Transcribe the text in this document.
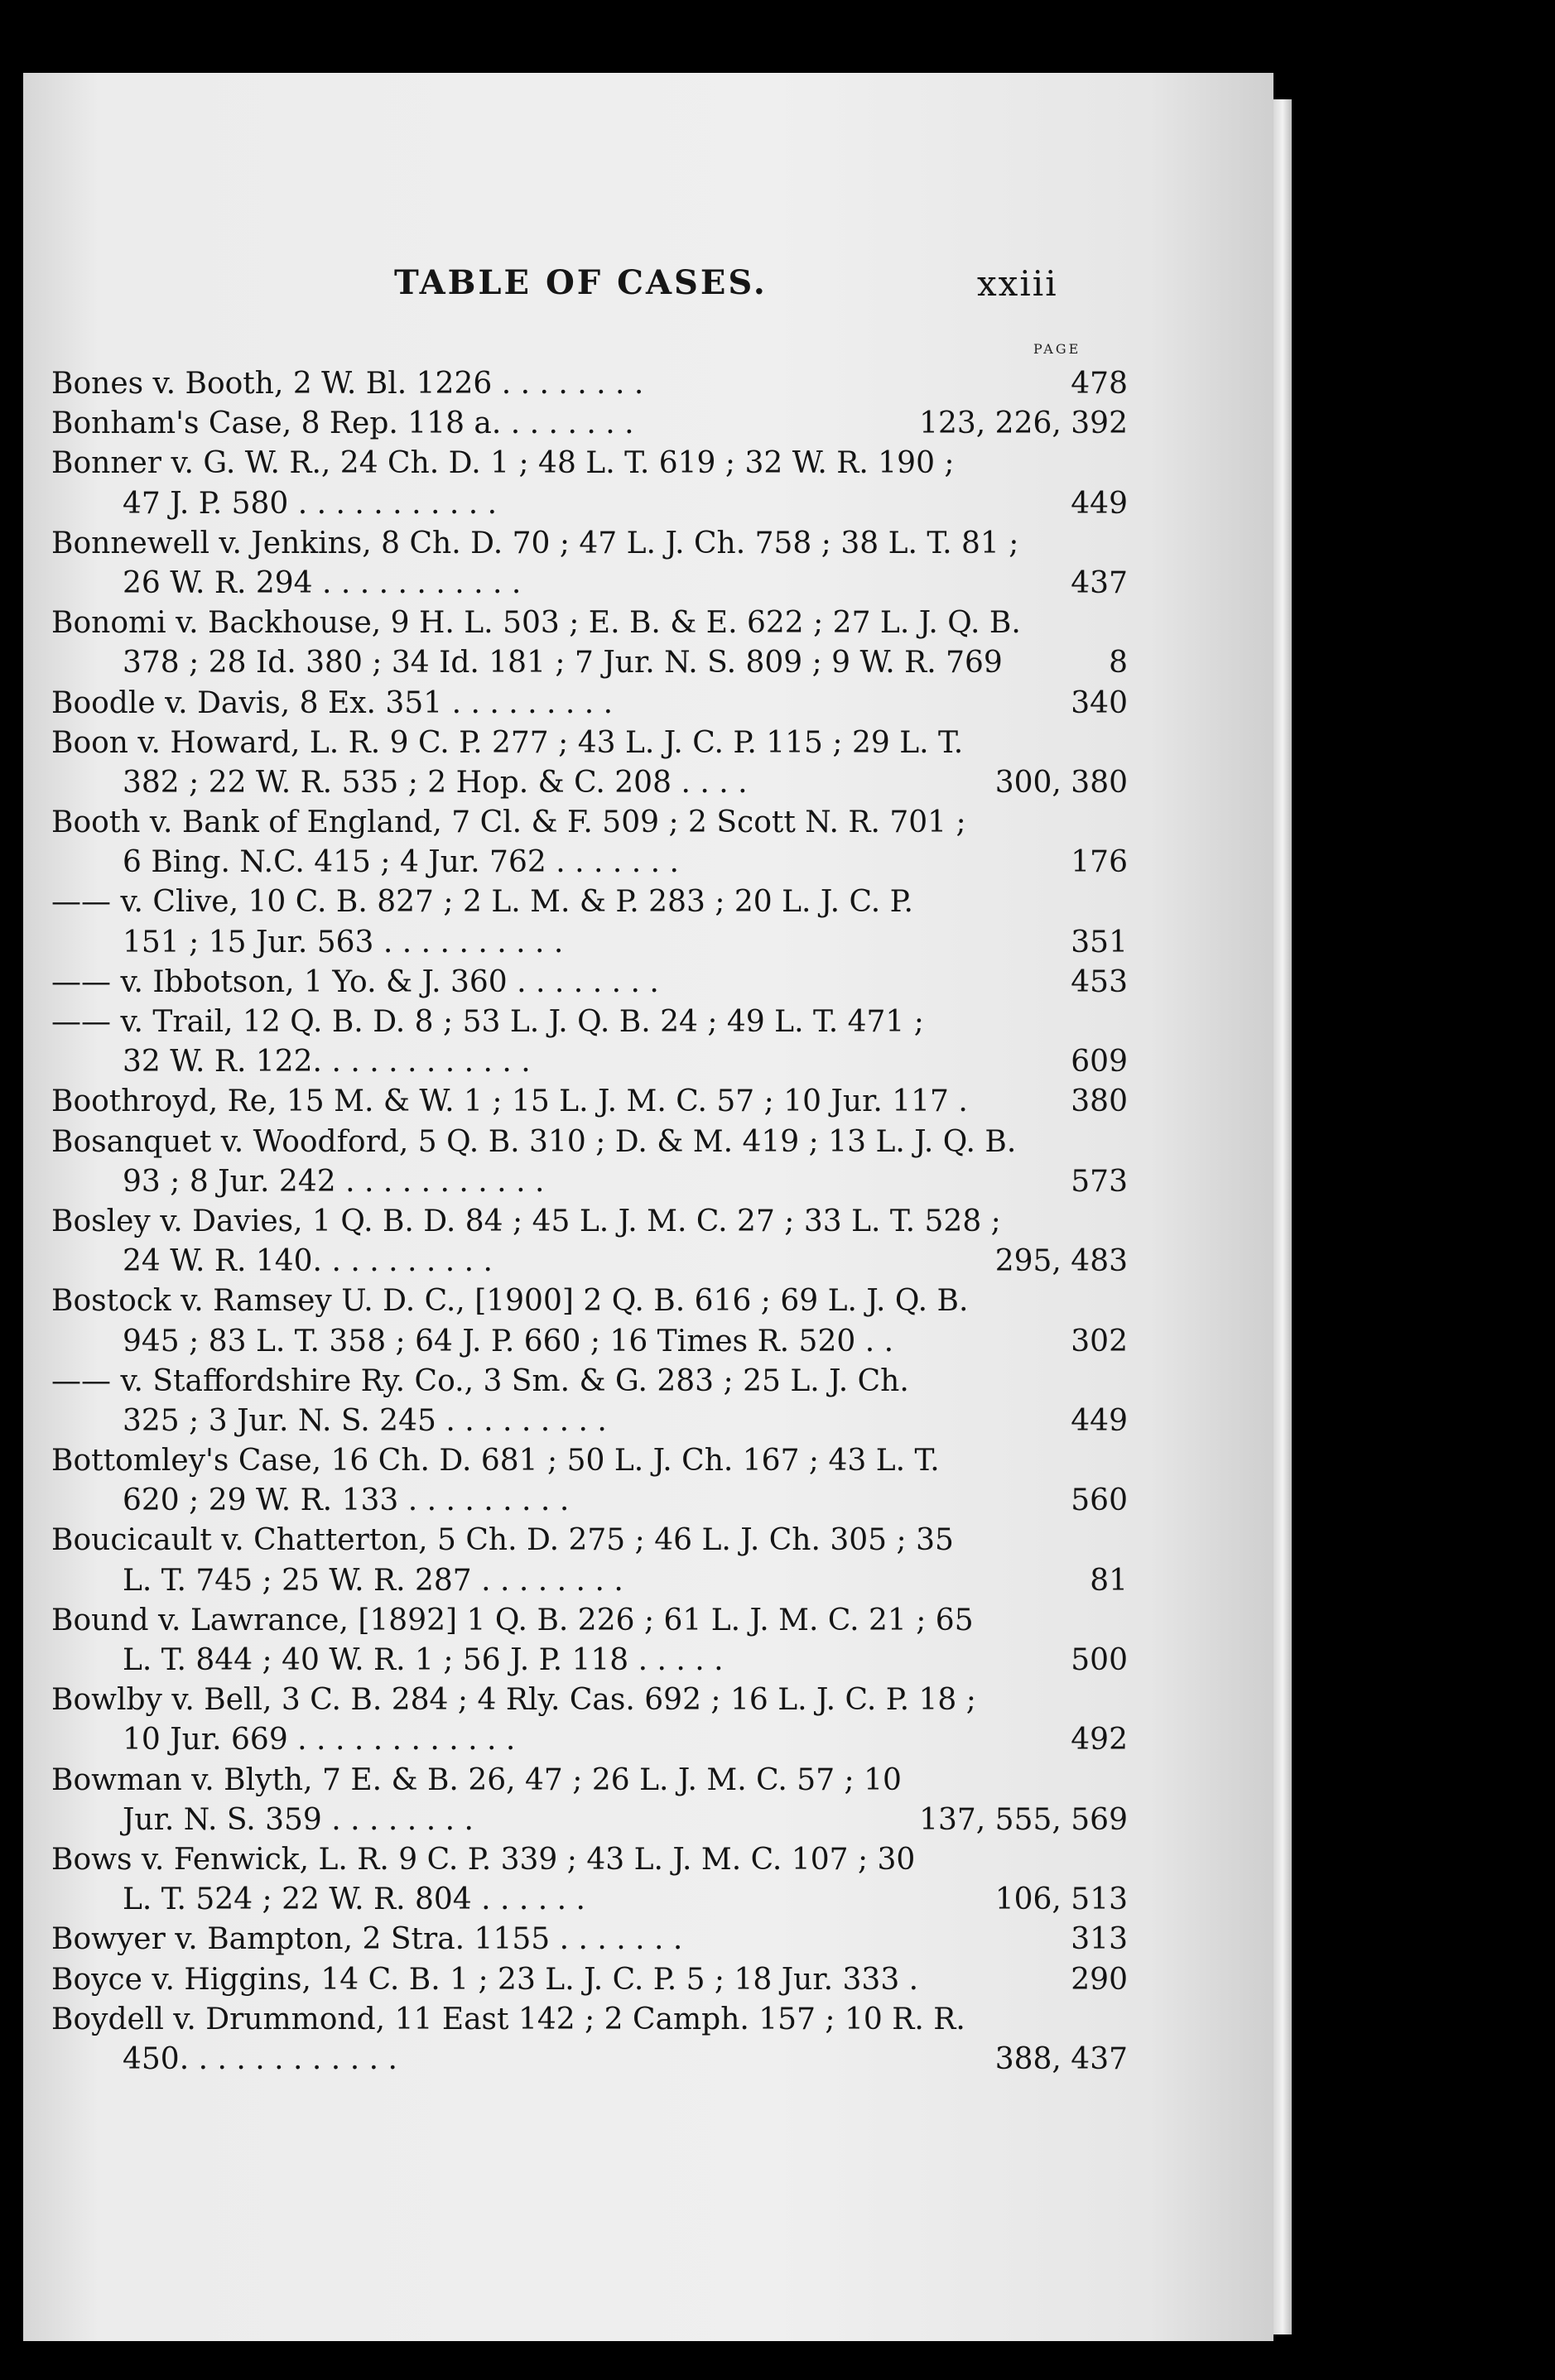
TABLE OF CASES.	xxiii
PAGE
Bones v. Booth, 2 W. Bl. 1226 . . . . . . . .	478
Bonham's Case, 8 Rep. 118 a. . . . . . . .	123, 226, 392
Bonner v. G. W. R., 24 Ch. D. 1 ; 48 L. T. 619 ; 32 W. R. 190 ;
47 J. P. 580 . . . . . . . . . . .	449
Bonnewell v. Jenkins, 8 Ch. D. 70 ; 47 L. J. Ch. 758 ; 38 L. T. 81 ;
26 W. R. 294 . . . . . . . . . . .	437
Bonomi v. Backhouse, 9 H. L. 503 ; E. B. & E. 622 ; 27 L. J. Q. B.
378 ; 28 Id. 380 ; 34 Id. 181 ; 7 Jur. N. S. 809 ; 9 W. R. 769	8
Boodle v. Davis, 8 Ex. 351 . . . . . . . . .	340
Boon v. Howard, L. R. 9 C. P. 277 ; 43 L. J. C. P. 115 ; 29 L. T.
382 ; 22 W. R. 535 ; 2 Hop. & C. 208 . . . .	300, 380
Booth v. Bank of England, 7 Cl. & F. 509 ; 2 Scott N. R. 701 ;
6 Bing. N.C. 415 ; 4 Jur. 762 . . . . . . .	176
—— v. Clive, 10 C. B. 827 ; 2 L. M. & P. 283 ; 20 L. J. C. P.
151 ; 15 Jur. 563 . . . . . . . . . .	351
—— v. Ibbotson, 1 Yo. & J. 360 . . . . . . . .	453
—— v. Trail, 12 Q. B. D. 8 ; 53 L. J. Q. B. 24 ; 49 L. T. 471 ;
32 W. R. 122. . . . . . . . . . . .	609
Boothroyd, Re, 15 M. & W. 1 ; 15 L. J. M. C. 57 ; 10 Jur. 117 .	380
Bosanquet v. Woodford, 5 Q. B. 310 ; D. & M. 419 ; 13 L. J. Q. B.
93 ; 8 Jur. 242 . . . . . . . . . . .	573
Bosley v. Davies, 1 Q. B. D. 84 ; 45 L. J. M. C. 27 ; 33 L. T. 528 ;
24 W. R. 140. . . . . . . . . .	295, 483
Bostock v. Ramsey U. D. C., [1900] 2 Q. B. 616 ; 69 L. J. Q. B.
945 ; 83 L. T. 358 ; 64 J. P. 660 ; 16 Times R. 520 . .	302
—— v. Staffordshire Ry. Co., 3 Sm. & G. 283 ; 25 L. J. Ch.
325 ; 3 Jur. N. S. 245 . . . . . . . . .	449
Bottomley's Case, 16 Ch. D. 681 ; 50 L. J. Ch. 167 ; 43 L. T.
620 ; 29 W. R. 133 . . . . . . . . .	560
Boucicault v. Chatterton, 5 Ch. D. 275 ; 46 L. J. Ch. 305 ; 35
L. T. 745 ; 25 W. R. 287 . . . . . . . .	81
Bound v. Lawrance, [1892] 1 Q. B. 226 ; 61 L. J. M. C. 21 ; 65
L. T. 844 ; 40 W. R. 1 ; 56 J. P. 118 . . . . .	500
Bowlby v. Bell, 3 C. B. 284 ; 4 Rly. Cas. 692 ; 16 L. J. C. P. 18 ;
10 Jur. 669 . . . . . . . . . . . .	492
Bowman v. Blyth, 7 E. & B. 26, 47 ; 26 L. J. M. C. 57 ; 10
Jur. N. S. 359 . . . . . . . .	137, 555, 569
Bows v. Fenwick, L. R. 9 C. P. 339 ; 43 L. J. M. C. 107 ; 30
L. T. 524 ; 22 W. R. 804 . . . . . .	106, 513
Bowyer v. Bampton, 2 Stra. 1155 . . . . . . .	313
Boyce v. Higgins, 14 C. B. 1 ; 23 L. J. C. P. 5 ; 18 Jur. 333 .	290
Boydell v. Drummond, 11 East 142 ; 2 Camph. 157 ; 10 R. R.
450. . . . . . . . . . . .	388, 437
